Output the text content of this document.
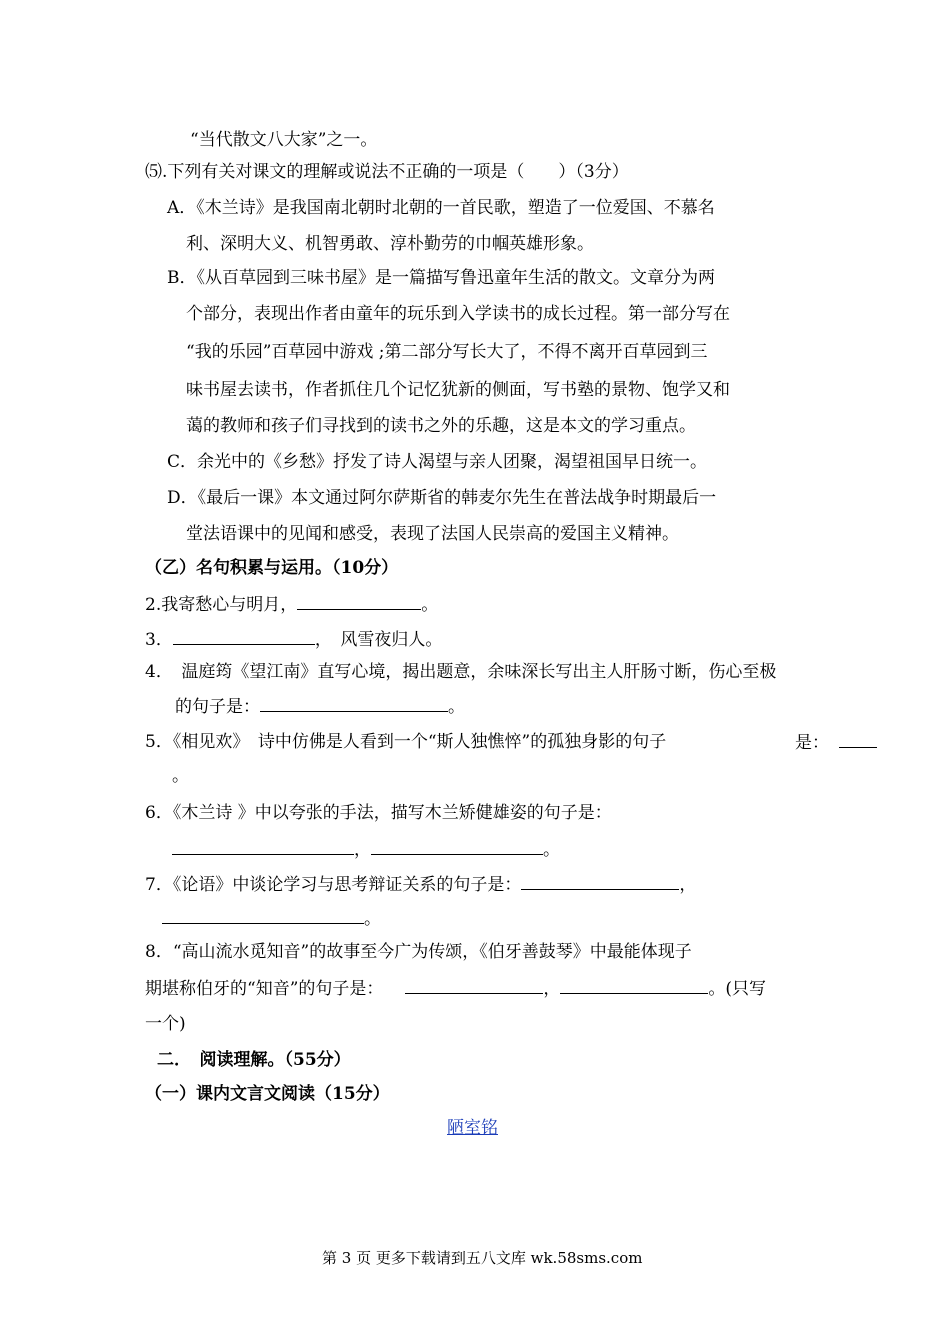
“当代散文八大家”之一。
⑸.下列有关对课文的理解或说法不正确的一项是（　　）（3分）
A．《木兰诗》是我国南北朝时北朝的一首民歌，塑造了一位爱国、不慕名
利、深明大义、机智勇敢、淳朴勤劳的巾帼英雄形象。
B．《从百草园到三味书屋》是一篇描写鲁迅童年生活的散文。文章分为两
个部分，表现出作者由童年的玩乐到入学读书的成长过程。第一部分写在
“我的乐园”百草园中游戏 ;第二部分写长大了，不得不离开百草园到三
味书屋去读书，作者抓住几个记忆犹新的侧面，写书塾的景物、饱学又和
蔼的教师和孩子们寻找到的读书之外的乐趣，这是本文的学习重点。
C．余光中的《乡愁》抒发了诗人渴望与亲人团聚，渴望祖国早日统一。
D．《最后一课》本文通过阿尔萨斯省的韩麦尔先生在普法战争时期最后一
堂法语课中的见闻和感受，表现了法国人民崇高的爱国主义精神。
（乙）名句积累与运用。（10分）
2.我寄愁心与明月，	。
3．	，　风雪夜归人。
4．　温庭筠《望江南》直写心境，揭出题意，余味深长写出主人肝肠寸断，伤心至极
的句子是：	。
5．《相见欢》　诗中仿佛是人看到一个“斯人独憔悴”的孤独身影的句子	是：
。
6．《木兰诗 》中以夸张的手法，描写木兰矫健雄姿的句子是：
，	。
7．《论语》中谈论学习与思考辩证关系的句子是：	，
。
8．“高山流水觅知音”的故事至今广为传颂，《伯牙善鼓琴》中最能体现子
期堪称伯牙的“知音”的句子是：	，	。(只写
一个)
二．　阅读理解。（55分）
（一）课内文言文阅读（15分）
陋室铭
第 3 页 更多下载请到五八文库 wk.58sms.com
